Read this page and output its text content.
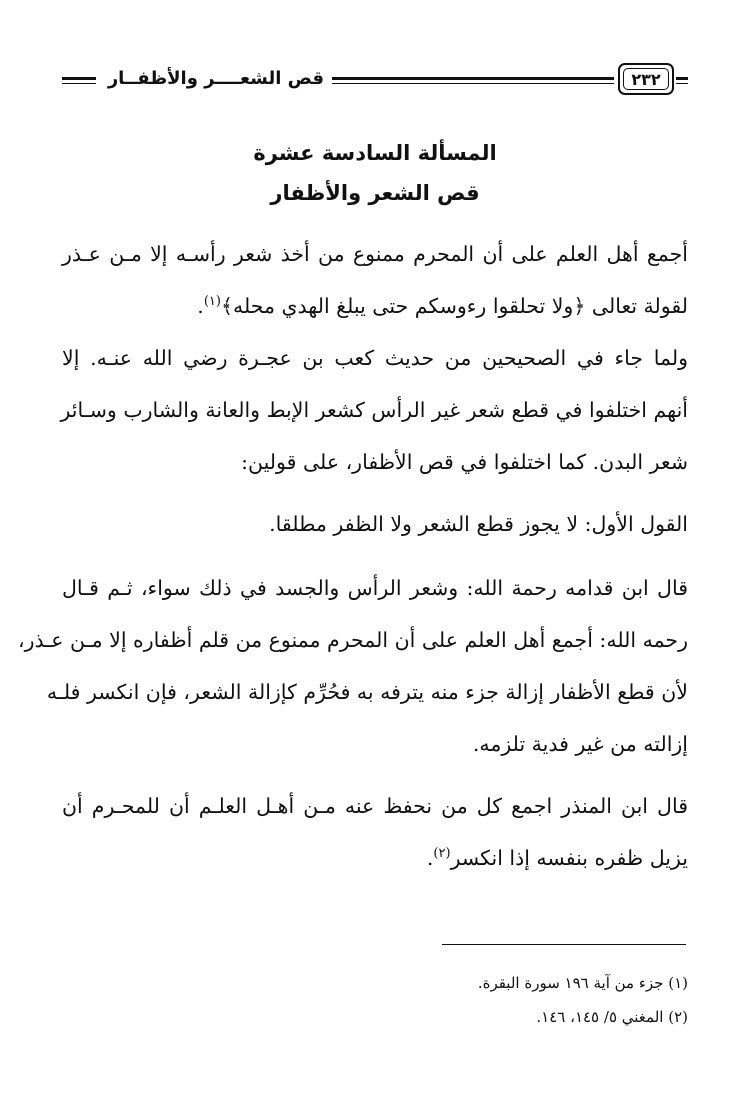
قص الشعــــر والأظفــار	٢٣٢
المسألة السادسة عشرة
قص الشعر والأظفار
أجمع أهل العلم على أن المحرم ممنوع من أخذ شعر رأسـه إلا مـن عـذر
لقولة تعالى ﴿ولا تحلقوا رءوسكم حتى يبلغ الهدي محله﴾$^{(١)}$.
ولما جاء في الصحيحين من حديث كعب بن عجـرة رضي الله عنـه. إلا
أنهم اختلفوا في قطع شعر غير الرأس كشعر الإبط والعانة والشارب وسـائر
شعر البدن. كما اختلفوا في قص الأظفار، على قولين:
القول الأول: لا يجوز قطع الشعر ولا الظفر مطلقا.
قال ابن قدامه رحمة الله: وشعر الرأس والجسد في ذلك سواء، ثـم قـال
رحمه الله: أجمع أهل العلم على أن المحرم ممنوع من قلم أظفاره إلا مـن عـذر،
لأن قطع الأظفار إزالة جزء منه يترفه به فحُرِّم كإزالة الشعر، فإن انكسر فلـه
إزالته من غير فدية تلزمه.
قال ابن المنذر اجمع كل من نحفظ عنه مـن أهـل العلـم أن للمحـرم أن
يزيل ظفره بنفسه إذا انكسر$^{(٢)}$.
(١) جزء من آية ١٩٦ سورة البقرة.
(٢) المغني ٥/ ١٤٥، ١٤٦.
